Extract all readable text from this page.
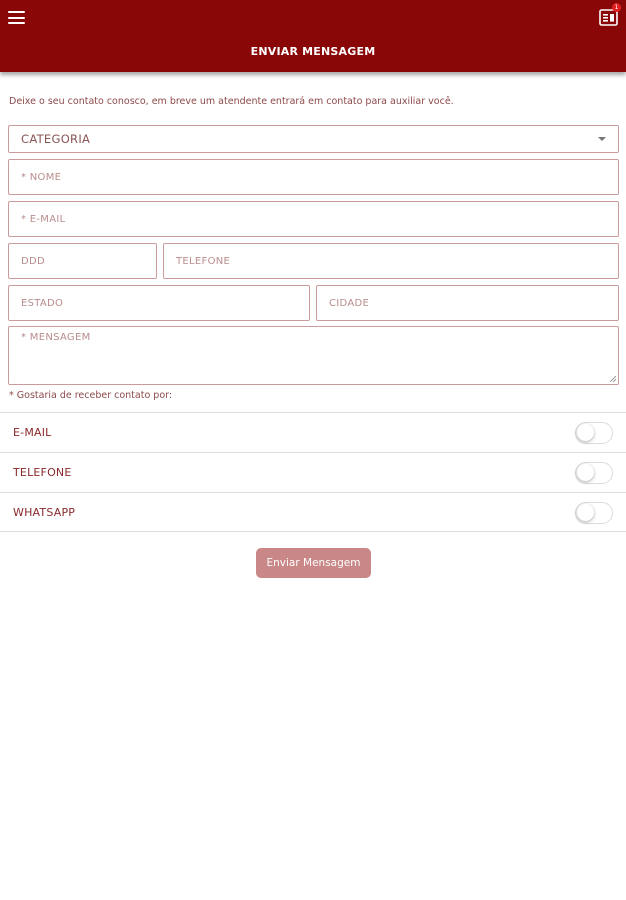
ENVIAR MENSAGEM
1
Deixe o seu contato conosco, em breve um atendente entrará em contato para auxiliar você.
CATEGORIA
* NOME
* E-MAIL
DDD	TELEFONE
ESTADO	CIDADE
* MENSAGEM
* Gostaria de receber contato por:
E-MAIL
TELEFONE
WHATSAPP
Enviar Mensagem
